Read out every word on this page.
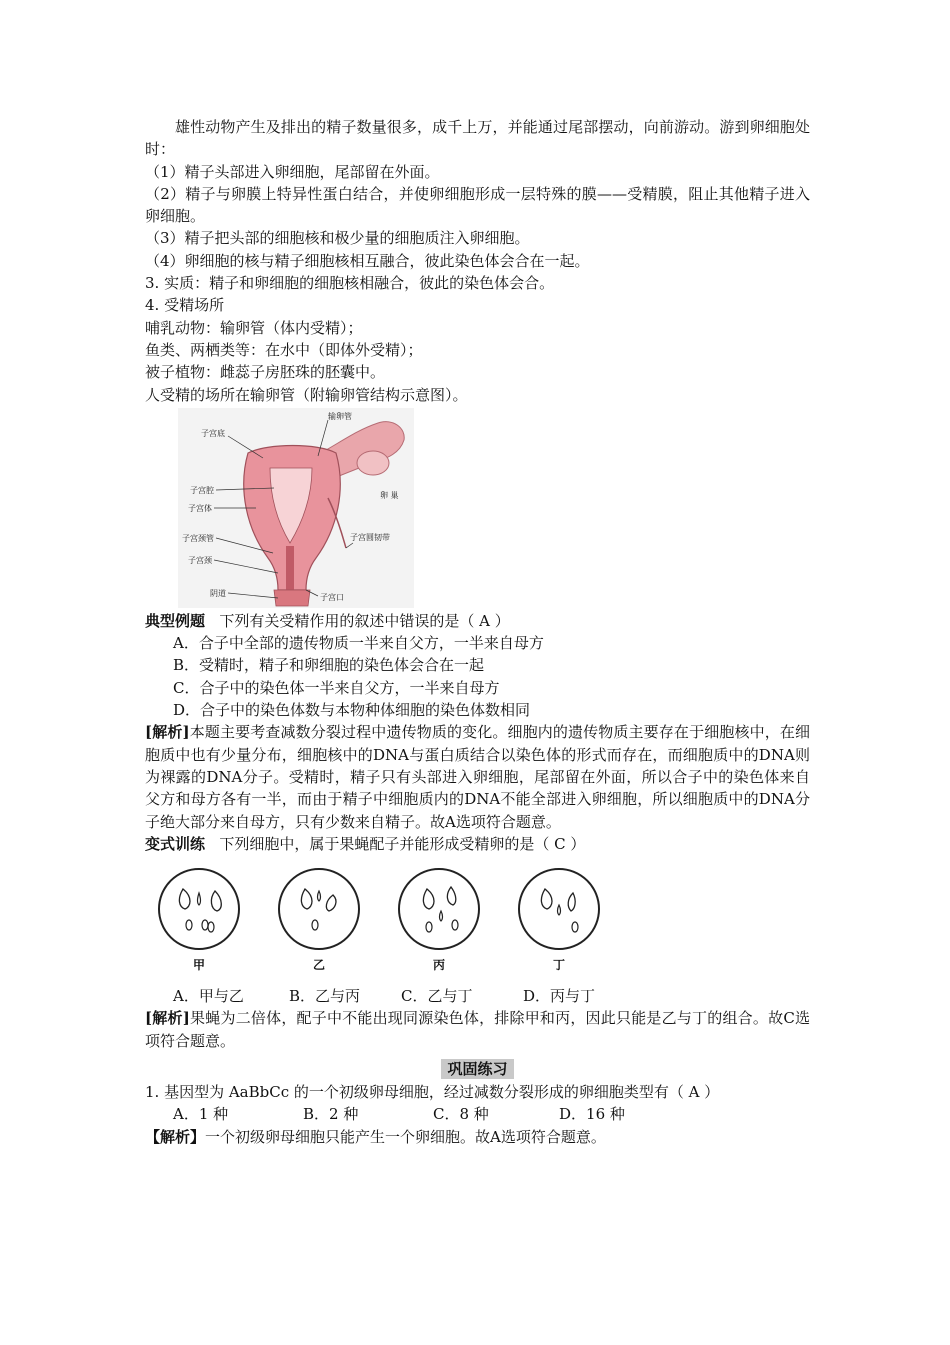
雄性动物产生及排出的精子数量很多，成千上万，并能通过尾部摆动，向前游动。游到卵细胞处时：
（1）精子头部进入卵细胞，尾部留在外面。
（2）精子与卵膜上特异性蛋白结合，并使卵细胞形成一层特殊的膜——受精膜，阻止其他精子进入卵细胞。
（3）精子把头部的细胞核和极少量的细胞质注入卵细胞。
（4）卵细胞的核与精子细胞核相互融合，彼此染色体会合在一起。
3. 实质：精子和卵细胞的细胞核相融合，彼此的染色体会合。
4. 受精场所
哺乳动物：输卵管（体内受精）；
鱼类、两栖类等：在水中（即体外受精）；
被子植物：雌蕊子房胚珠的胚囊中。
人受精的场所在输卵管（附输卵管结构示意图）。
子宫底
输卵管
子宫腔
子宫体
子宫颈管
子宫颈
卵 巢
子宫圆韧带
阴道	子宫口
典型例题 下列有关受精作用的叙述中错误的是（ A ）
A．合子中全部的遗传物质一半来自父方，一半来自母方
B．受精时，精子和卵细胞的染色体会合在一起
C．合子中的染色体一半来自父方，一半来自母方
D．合子中的染色体数与本物种体细胞的染色体数相同
[解析]本题主要考查减数分裂过程中遗传物质的变化。细胞内的遗传物质主要存在于细胞核中，在细胞质中也有少量分布，细胞核中的DNA与蛋白质结合以染色体的形式而存在，而细胞质中的DNA则为裸露的DNA分子。受精时，精子只有头部进入卵细胞，尾部留在外面，所以合子中的染色体来自父方和母方各有一半，而由于精子中细胞质内的DNA不能全部进入卵细胞，所以细胞质中的DNA分子绝大部分来自母方，只有少数来自精子。故A选项符合题意。
变式训练 下列细胞中，属于果蝇配子并能形成受精卵的是（ C ）
甲	乙	丙	丁
A．甲与乙	B．乙与丙	C．乙与丁	D．丙与丁
[解析]果蝇为二倍体，配子中不能出现同源染色体，排除甲和丙，因此只能是乙与丁的组合。故C选项符合题意。
巩固练习
1. 基因型为 AaBbCc 的一个初级卵母细胞，经过减数分裂形成的卵细胞类型有（ A ）
A．1 种	B．2 种	C．8 种	D．16 种
【解析】一个初级卵母细胞只能产生一个卵细胞。故A选项符合题意。
